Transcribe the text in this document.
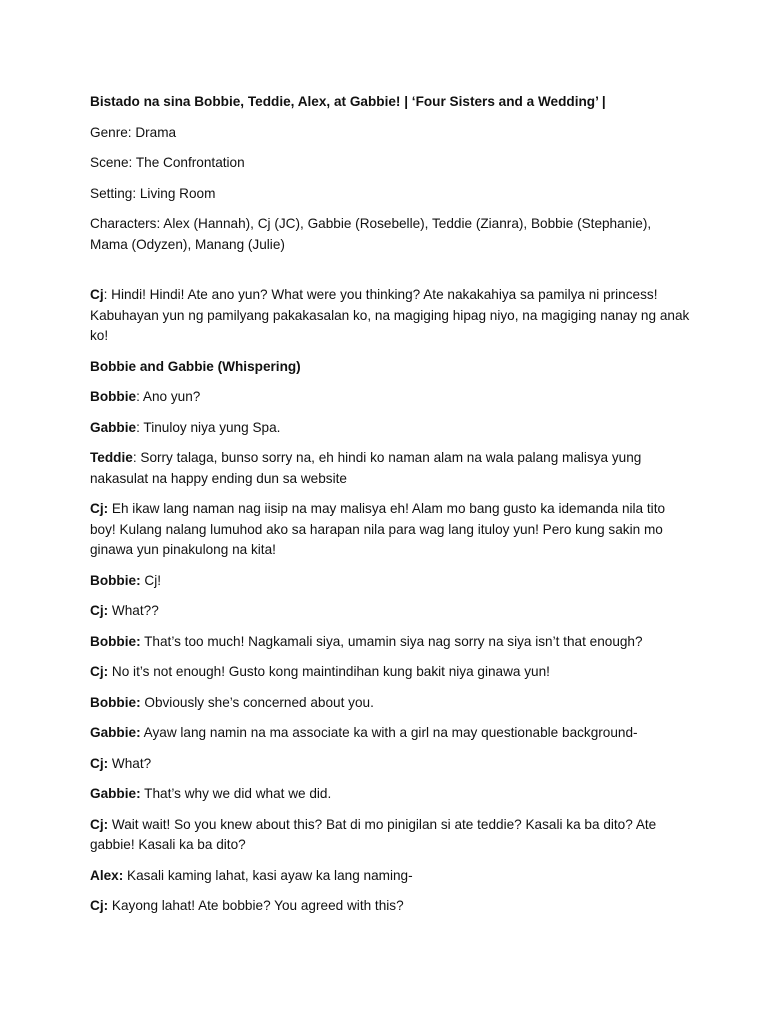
Bistado na sina Bobbie, Teddie, Alex, at Gabbie! | ‘Four Sisters and a Wedding’ |

Genre: Drama

Scene: The Confrontation

Setting: Living Room

Characters: Alex (Hannah), Cj (JC), Gabbie (Rosebelle), Teddie (Zianra), Bobbie (Stephanie), Mama (Odyzen), Manang (Julie)

Cj: Hindi! Hindi! Ate ano yun? What were you thinking? Ate nakakahiya sa pamilya ni princess! Kabuhayan yun ng pamilyang pakakasalan ko, na magiging hipag niyo, na magiging nanay ng anak ko!

Bobbie and Gabbie (Whispering)

Bobbie: Ano yun?

Gabbie: Tinuloy niya yung Spa.

Teddie: Sorry talaga, bunso sorry na, eh hindi ko naman alam na wala palang malisya yung nakasulat na happy ending dun sa website

Cj: Eh ikaw lang naman nag iisip na may malisya eh! Alam mo bang gusto ka idemanda nila tito boy! Kulang nalang lumuhod ako sa harapan nila para wag lang ituloy yun! Pero kung sakin mo ginawa yun pinakulong na kita!

Bobbie: Cj!

Cj: What??

Bobbie: That’s too much! Nagkamali siya, umamin siya nag sorry na siya isn’t that enough?

Cj: No it’s not enough! Gusto kong maintindihan kung bakit niya ginawa yun!

Bobbie: Obviously she’s concerned about you.

Gabbie: Ayaw lang namin na ma associate ka with a girl na may questionable background-

Cj: What?

Gabbie: That’s why we did what we did.

Cj: Wait wait! So you knew about this? Bat di mo pinigilan si ate teddie? Kasali ka ba dito? Ate gabbie! Kasali ka ba dito?

Alex: Kasali kaming lahat, kasi ayaw ka lang naming-

Cj: Kayong lahat! Ate bobbie? You agreed with this?
